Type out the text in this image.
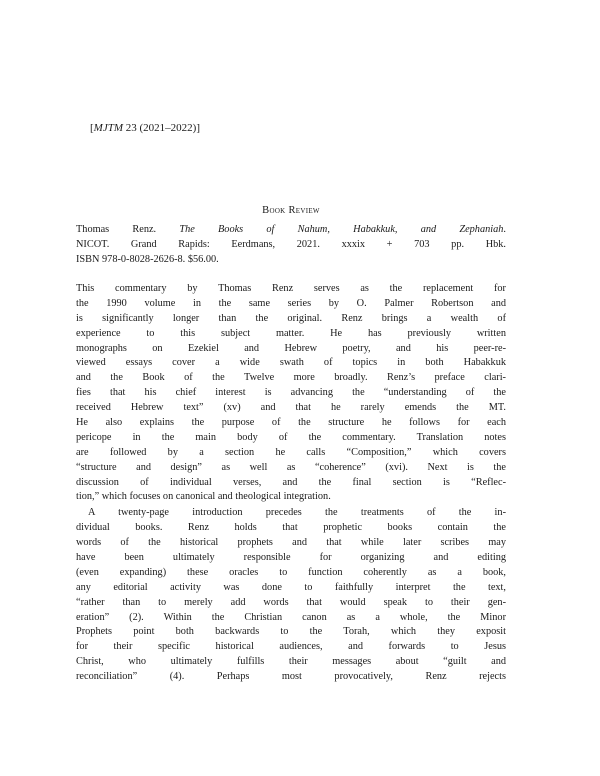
[MJTM 23 (2021–2022)]
Book Review
Thomas Renz. The Books of Nahum, Habakkuk, and Zephaniah.
NICOT. Grand Rapids: Eerdmans, 2021. xxxix + 703 pp. Hbk.
ISBN 978-0-8028-2626-8. $56.00.
This commentary by Thomas Renz serves as the replacement for
the 1990 volume in the same series by O. Palmer Robertson and
is significantly longer than the original. Renz brings a wealth of
experience to this subject matter. He has previously written
monographs on Ezekiel and Hebrew poetry, and his peer-re-
viewed essays cover a wide swath of topics in both Habakkuk
and the Book of the Twelve more broadly. Renz’s preface clari-
fies that his chief interest is advancing the “understanding of the
received Hebrew text” (xv) and that he rarely emends the MT.
He also explains the purpose of the structure he follows for each
pericope in the main body of the commentary. Translation notes
are followed by a section he calls “Composition,” which covers
“structure and design” as well as “coherence” (xvi). Next is the
discussion of individual verses, and the final section is “Reflec-
tion,” which focuses on canonical and theological integration.
A twenty-page introduction precedes the treatments of the in-
dividual books. Renz holds that prophetic books contain the
words of the historical prophets and that while later scribes may
have been ultimately responsible for organizing and editing
(even expanding) these oracles to function coherently as a book,
any editorial activity was done to faithfully interpret the text,
“rather than to merely add words that would speak to their gen-
eration” (2). Within the Christian canon as a whole, the Minor
Prophets point both backwards to the Torah, which they exposit
for their specific historical audiences, and forwards to Jesus
Christ, who ultimately fulfills their messages about “guilt and
reconciliation” (4). Perhaps most provocatively, Renz rejects
